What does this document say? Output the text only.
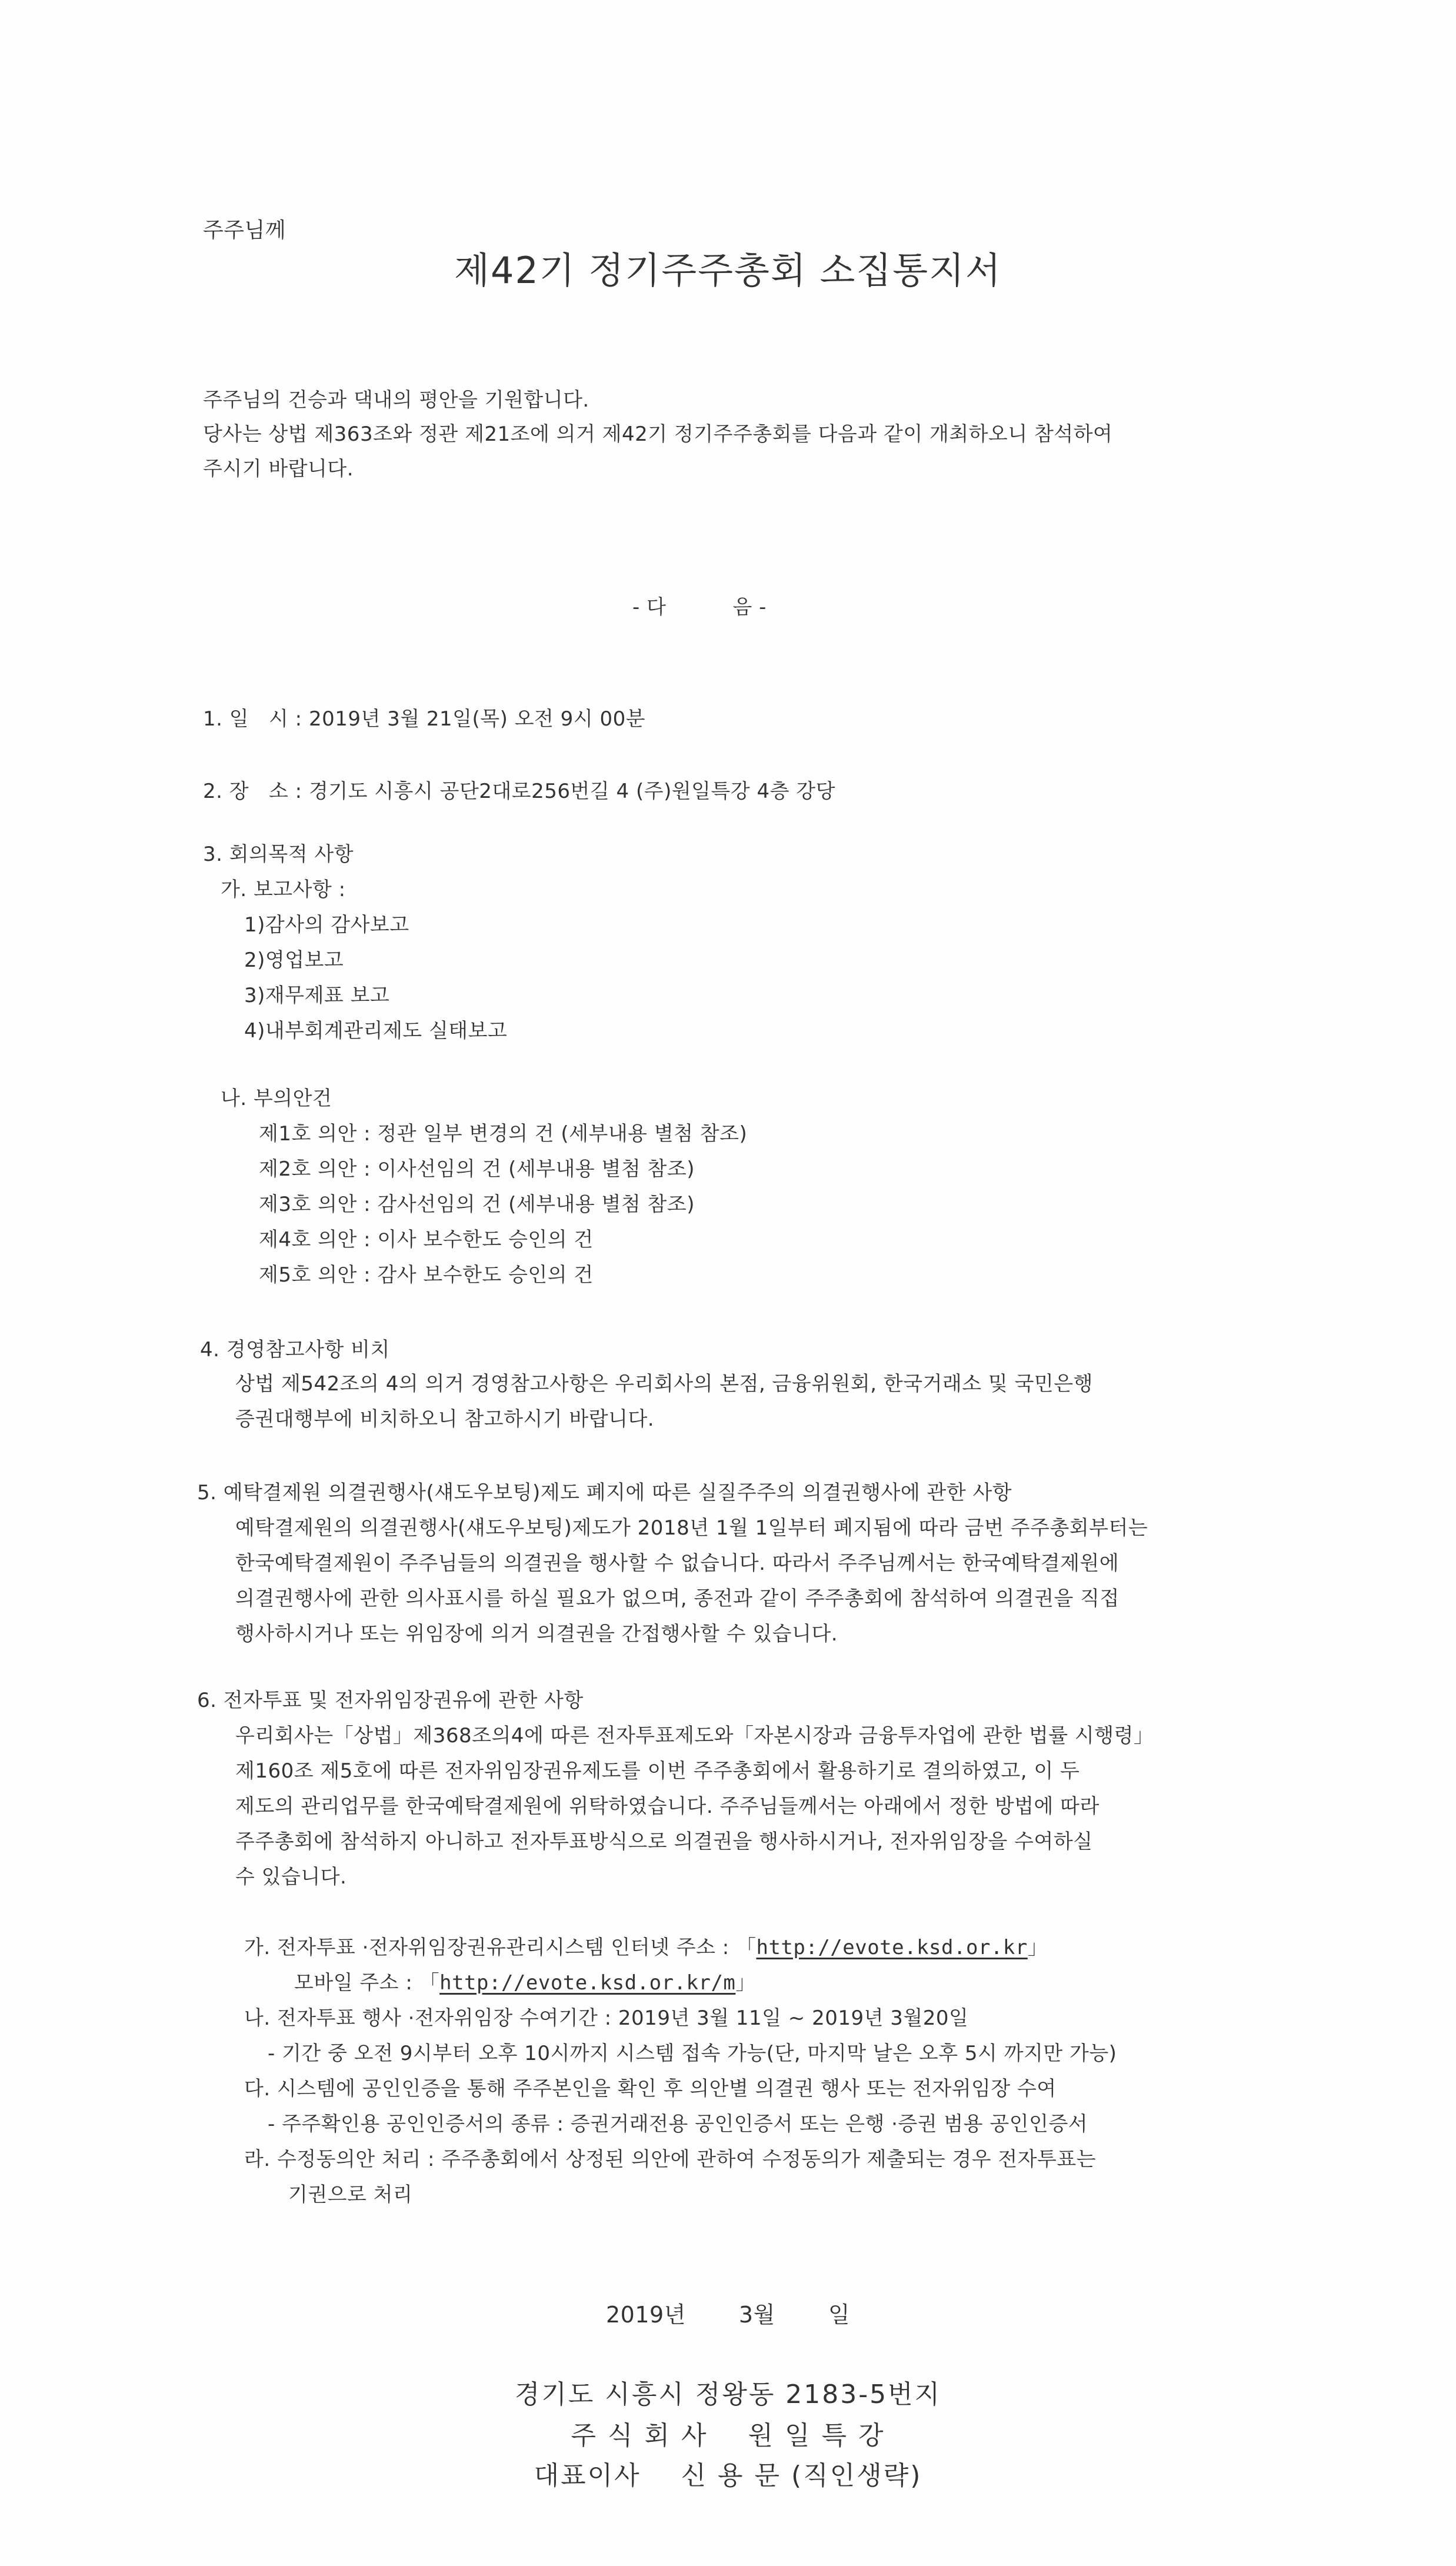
주주님께
제42기 정기주주총회 소집통지서
주주님의 건승과 댁내의 평안을 기원합니다.
당사는 상법 제363조와 정관 제21조에 의거 제42기 정기주주총회를 다음과 같이 개최하오니 참석하여
주시기 바랍니다.
- 다          음 -
1. 일   시 : 2019년 3월 21일(목) 오전 9시 00분
2. 장   소 : 경기도 시흥시 공단2대로256번길 4 (주)원일특강 4층 강당
3. 회의목적 사항
가. 보고사항 :
1)감사의 감사보고
2)영업보고
3)재무제표 보고
4)내부회계관리제도 실태보고
나. 부의안건
제1호 의안 : 정관 일부 변경의 건 (세부내용 별첨 참조)
제2호 의안 : 이사선임의 건 (세부내용 별첨 참조)
제3호 의안 : 감사선임의 건 (세부내용 별첨 참조)
제4호 의안 : 이사 보수한도 승인의 건
제5호 의안 : 감사 보수한도 승인의 건
4. 경영참고사항 비치
상법 제542조의 4의 의거 경영참고사항은 우리회사의 본점, 금융위원회, 한국거래소 및 국민은행
증권대행부에 비치하오니 참고하시기 바랍니다.
5. 예탁결제원 의결권행사(섀도우보팅)제도 폐지에 따른 실질주주의 의결권행사에 관한 사항
예탁결제원의 의결권행사(섀도우보팅)제도가 2018년 1월 1일부터 폐지됨에 따라 금번 주주총회부터는
한국예탁결제원이 주주님들의 의결권을 행사할 수 없습니다. 따라서 주주님께서는 한국예탁결제원에
의결권행사에 관한 의사표시를 하실 필요가 없으며, 종전과 같이 주주총회에 참석하여 의결권을 직접
행사하시거나 또는 위임장에 의거 의결권을 간접행사할 수 있습니다.
6. 전자투표 및 전자위임장권유에 관한 사항
우리회사는「상법」제368조의4에 따른 전자투표제도와「자본시장과 금융투자업에 관한 법률 시행령」
제160조 제5호에 따른 전자위임장권유제도를 이번 주주총회에서 활용하기로 결의하였고, 이 두
제도의 관리업무를 한국예탁결제원에 위탁하였습니다. 주주님들께서는 아래에서 정한 방법에 따라
주주총회에 참석하지 아니하고 전자투표방식으로 의결권을 행사하시거나, 전자위임장을 수여하실
수 있습니다.
가. 전자투표 ·전자위임장권유관리시스템 인터넷 주소 : 「http://evote.ksd.or.kr」
모바일 주소 : 「http://evote.ksd.or.kr/m」
나. 전자투표 행사 ·전자위임장 수여기간 : 2019년 3월 11일 ~ 2019년 3월20일
- 기간 중 오전 9시부터 오후 10시까지 시스템 접속 가능(단, 마지막 날은 오후 5시 까지만 가능)
다. 시스템에 공인인증을 통해 주주본인을 확인 후 의안별 의결권 행사 또는 전자위임장 수여
- 주주확인용 공인인증서의 종류 : 증권거래전용 공인인증서 또는 은행 ·증권 범용 공인인증서
라. 수정동의안 처리 : 주주총회에서 상정된 의안에 관하여 수정동의가 제출되는 경우 전자투표는
기권으로 처리
2019년 3월 일
경기도 시흥시 정왕동 2183-5번지
주 식 회 사    원 일 특 강
대표이사    신 용 문 (직인생략)
